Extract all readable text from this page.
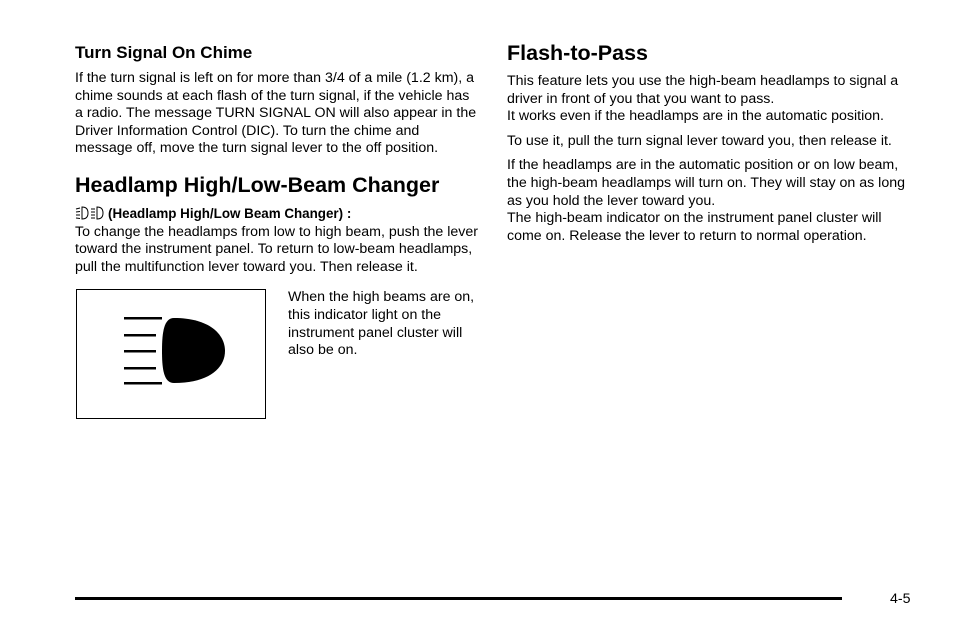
Turn Signal On Chime

If the turn signal is left on for more than 3/4 of a mile (1.2 km), a chime sounds at each flash of the turn signal, if the vehicle has a radio. The message TURN SIGNAL ON will also appear in the Driver Information Control (DIC). To turn the chime and message off, move the turn signal lever to the off position.

Headlamp High/Low-Beam Changer
(Headlamp High/Low Beam Changer) :

To change the headlamps from low to high beam, push the lever toward the instrument panel. To return to low-beam headlamps, pull the multifunction lever toward you. Then release it.

When the high beams are on, this indicator light on the instrument panel cluster will also be on.

Flash-to-Pass

This feature lets you use the high-beam headlamps to signal a driver in front of you that you want to pass.
It works even if the headlamps are in the automatic position.

To use it, pull the turn signal lever toward you, then release it.

If the headlamps are in the automatic position or on low beam, the high-beam headlamps will turn on. They will stay on as long as you hold the lever toward you.
The high-beam indicator on the instrument panel cluster will come on. Release the lever to return to normal operation.

4-5
